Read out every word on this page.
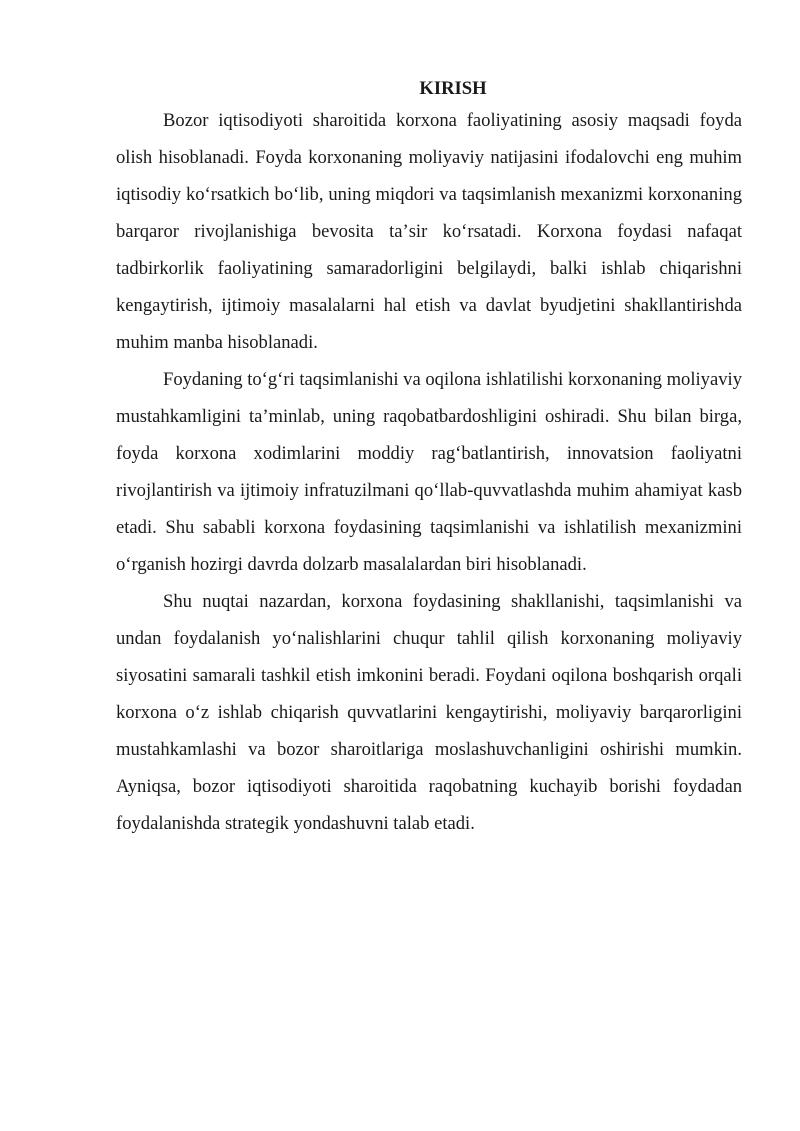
KIRISH

Bozor iqtisodiyoti sharoitida korxona faoliyatining asosiy maqsadi foyda olish hisoblanadi. Foyda korxonaning moliyaviy natijasini ifodalovchi eng muhim iqtisodiy koʻrsatkich boʻlib, uning miqdori va taqsimlanish mexanizmi korxonaning barqaror rivojlanishiga bevosita taʼsir koʻrsatadi. Korxona foydasi nafaqat tadbirkorlik faoliyatining samaradorligini belgilaydi, balki ishlab chiqarishni kengaytirish, ijtimoiy masalalarni hal etish va davlat byudjetini shakllantirishda muhim manba hisoblanadi.

Foydaning toʻgʻri taqsimlanishi va oqilona ishlatilishi korxonaning moliyaviy mustahkamligini taʼminlab, uning raqobatbardoshligini oshiradi. Shu bilan birga, foyda korxona xodimlarini moddiy ragʻbatlantirish, innovatsion faoliyatni rivojlantirish va ijtimoiy infratuzilmani qoʻllab-quvvatlashda muhim ahamiyat kasb etadi. Shu sababli korxona foydasining taqsimlanishi va ishlatilish mexanizmini oʻrganish hozirgi davrda dolzarb masalalardan biri hisoblanadi.

Shu nuqtai nazardan, korxona foydasining shakllanishi, taqsimlanishi va undan foydalanish yoʻnalishlarini chuqur tahlil qilish korxonaning moliyaviy siyosatini samarali tashkil etish imkonini beradi. Foydani oqilona boshqarish orqali korxona oʻz ishlab chiqarish quvvatlarini kengaytirishi, moliyaviy barqarorligini mustahkamlashi va bozor sharoitlariga moslashuvchanligini oshirishi mumkin. Ayniqsa, bozor iqtisodiyoti sharoitida raqobatning kuchayib borishi foydadan foydalanishda strategik yondashuvni talab etadi.
